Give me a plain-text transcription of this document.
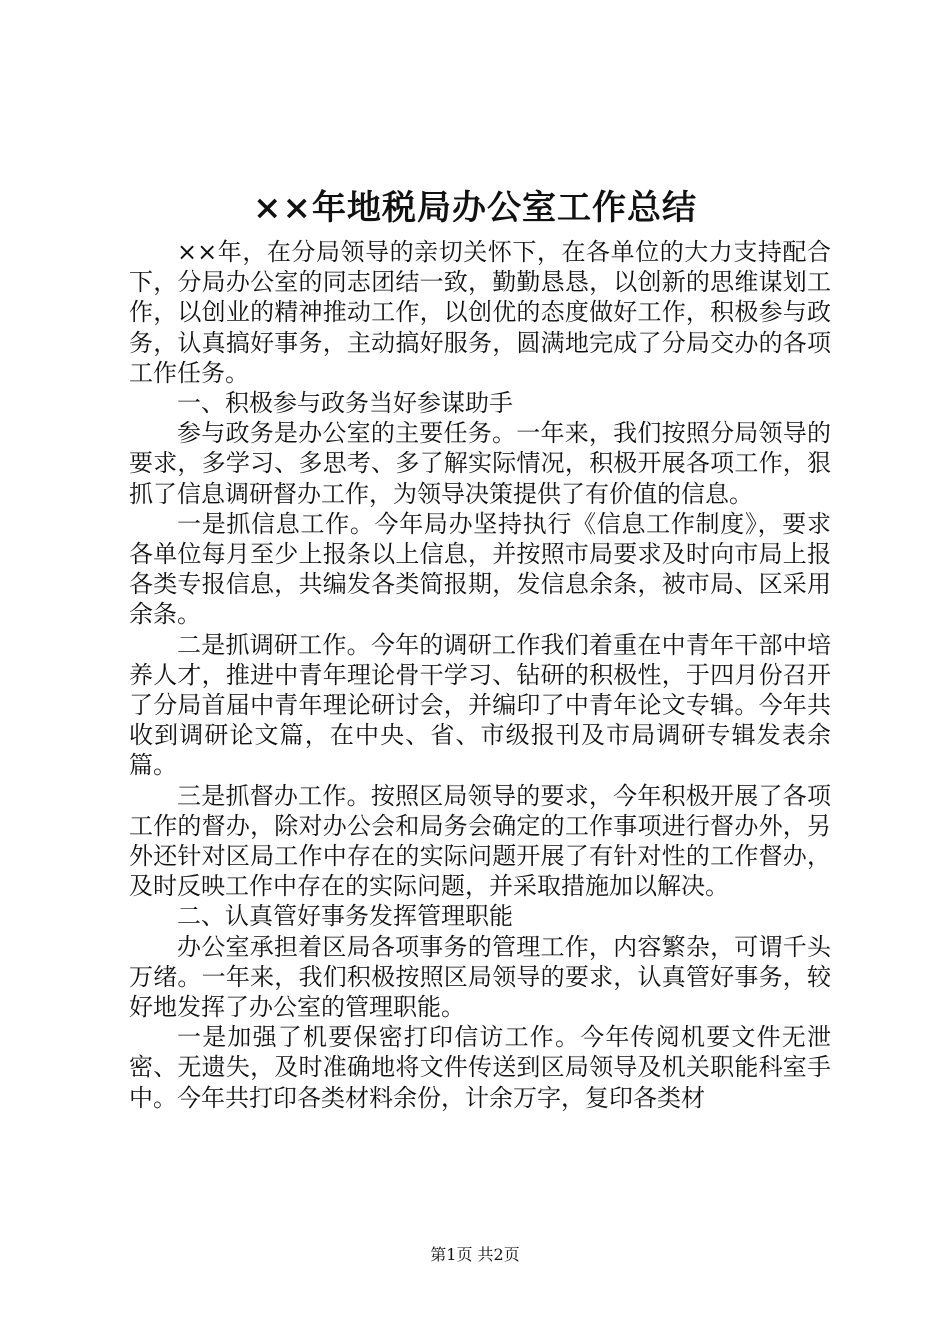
××年地税局办公室工作总结

××年，在分局领导的亲切关怀下，在各单位的大力支持配合下，分局办公室的同志团结一致，勤勤恳恳，以创新的思维谋划工作，以创业的精神推动工作，以创优的态度做好工作，积极参与政务，认真搞好事务，主动搞好服务，圆满地完成了分局交办的各项工作任务。

一、积极参与政务当好参谋助手

参与政务是办公室的主要任务。一年来，我们按照分局领导的要求，多学习、多思考、多了解实际情况，积极开展各项工作，狠抓了信息调研督办工作，为领导决策提供了有价值的信息。

一是抓信息工作。今年局办坚持执行《信息工作制度》，要求各单位每月至少上报条以上信息，并按照市局要求及时向市局上报各类专报信息，共编发各类简报期，发信息余条，被市局、区采用余条。

二是抓调研工作。今年的调研工作我们着重在中青年干部中培养人才，推进中青年理论骨干学习、钻研的积极性，于四月份召开了分局首届中青年理论研讨会，并编印了中青年论文专辑。今年共收到调研论文篇，在中央、省、市级报刊及市局调研专辑发表余篇。

三是抓督办工作。按照区局领导的要求，今年积极开展了各项工作的督办，除对办公会和局务会确定的工作事项进行督办外，另外还针对区局工作中存在的实际问题开展了有针对性的工作督办，及时反映工作中存在的实际问题，并采取措施加以解决。

二、认真管好事务发挥管理职能

办公室承担着区局各项事务的管理工作，内容繁杂，可谓千头万绪。一年来，我们积极按照区局领导的要求，认真管好事务，较好地发挥了办公室的管理职能。

一是加强了机要保密打印信访工作。今年传阅机要文件无泄密、无遗失，及时准确地将文件传送到区局领导及机关职能科室手中。今年共打印各类材料余份，计余万字，复印各类材

第1页 共2页
